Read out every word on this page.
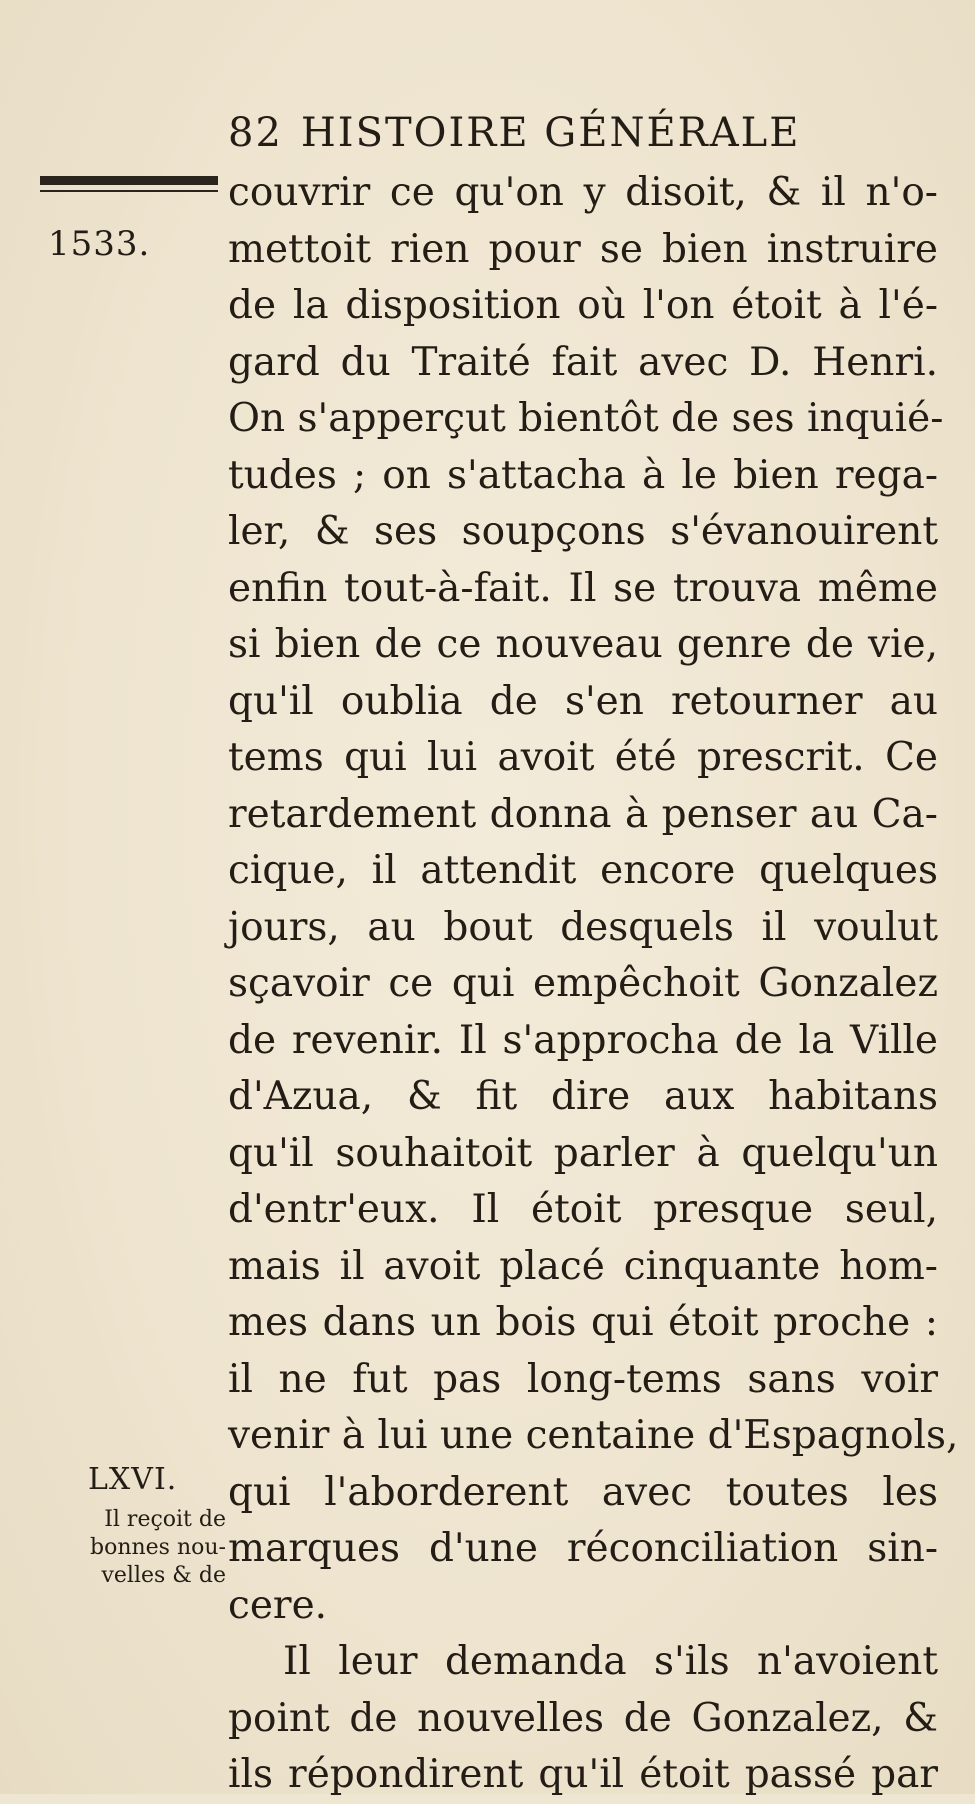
82 HISTOIRE GÉNÉRALE
1533.
couvrir ce qu'on y disoit, & il n'o-
mettoit rien pour se bien instruire
de la disposition où l'on étoit à l'é-
gard du Traité fait avec D. Henri.
On s'apperçut bientôt de ses inquié-
tudes ; on s'attacha à le bien rega-
ler, & ses soupçons s'évanouirent
enfin tout-à-fait. Il se trouva même
si bien de ce nouveau genre de vie,
qu'il oublia de s'en retourner au
tems qui lui avoit été prescrit. Ce
retardement donna à penser au Ca-
cique, il attendit encore quelques
jours, au bout desquels il voulut
sçavoir ce qui empêchoit Gonzalez
de revenir. Il s'approcha de la Ville
d'Azua, & fit dire aux habitans
qu'il souhaitoit parler à quelqu'un
d'entr'eux. Il étoit presque seul,
mais il avoit placé cinquante hom-
mes dans un bois qui étoit proche :
il ne fut pas long-tems sans voir
venir à lui une centaine d'Espagnols,
qui l'aborderent avec toutes les
marques d'une réconciliation sin-
cere.
Il leur demanda s'ils n'avoient
point de nouvelles de Gonzalez, &
ils répondirent qu'il étoit passé par
LXVI.
Il reçoit de
bonnes nou-
velles & de
